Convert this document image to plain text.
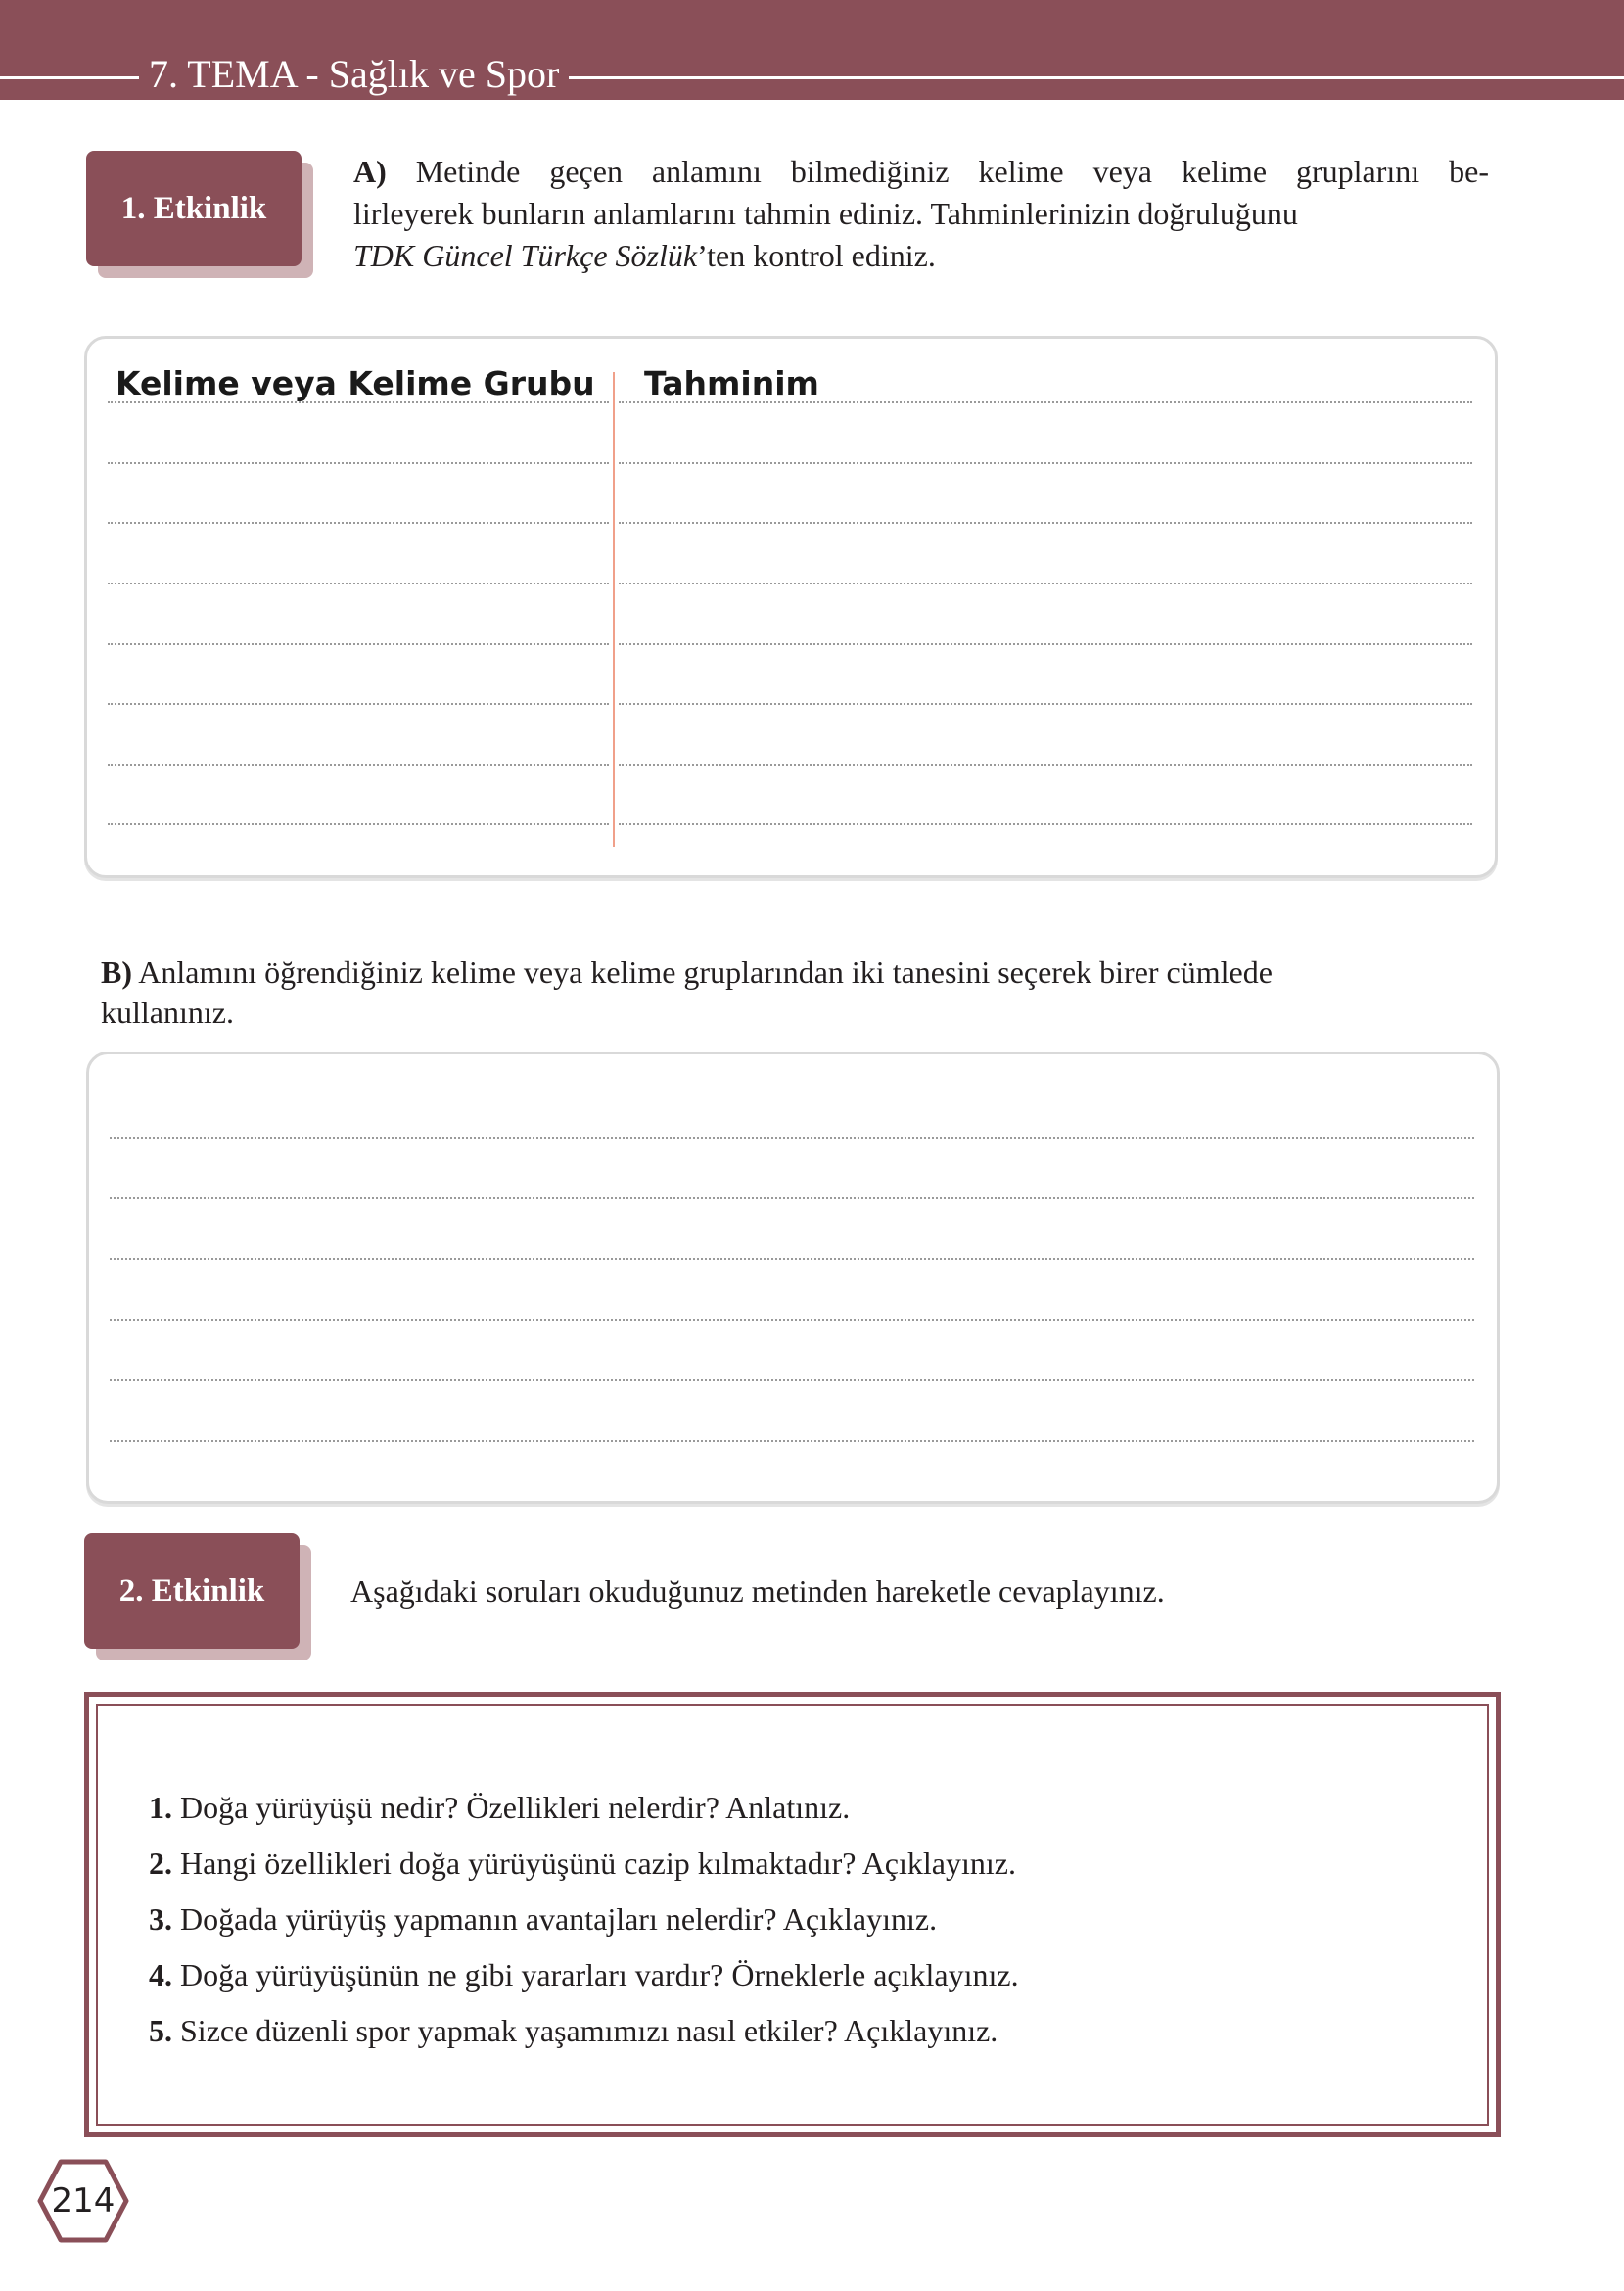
7. TEMA - Sağlık ve Spor
1. Etkinlik
A) Metinde geçen anlamını bilmediğiniz kelime veya kelime gruplarını be-
lirleyerek bunların anlamlarını tahmin ediniz. Tahminlerinizin doğruluğunu
TDK Güncel Türkçe Sözlük’ten kontrol ediniz.
Kelime veya Kelime Grubu Tahminim
B) Anlamını öğrendiğiniz kelime veya kelime gruplarından iki tanesini seçerek birer cümlede
kullanınız.
2. Etkinlik	Aşağıdaki soruları okuduğunuz metinden hareketle cevaplayınız.
1. Doğa yürüyüşü nedir? Özellikleri nelerdir? Anlatınız.
2. Hangi özellikleri doğa yürüyüşünü cazip kılmaktadır? Açıklayınız.
3. Doğada yürüyüş yapmanın avantajları nelerdir? Açıklayınız.
4. Doğa yürüyüşünün ne gibi yararları vardır? Örneklerle açıklayınız.
5. Sizce düzenli spor yapmak yaşamımızı nasıl etkiler? Açıklayınız.
214
